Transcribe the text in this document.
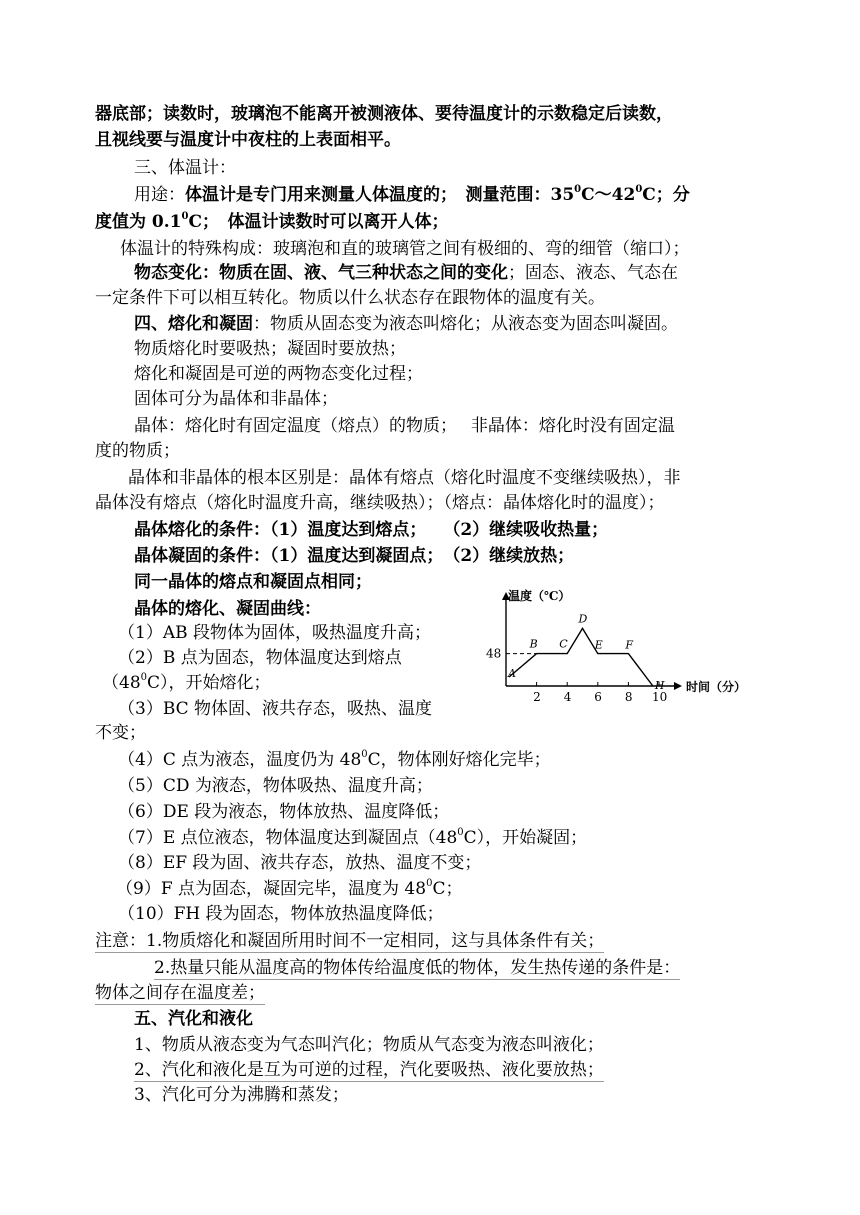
器底部；读数时，玻璃泡不能离开被测液体、要待温度计的示数稳定后读数，
且视线要与温度计中夜柱的上表面相平。
三、体温计：
用途：体温计是专门用来测量人体温度的；　测量范围：$35^0C\sim 42^0C$；分
度值为 $0.1^0C$；　体温计读数时可以离开人体；
体温计的特殊构成：玻璃泡和直的玻璃管之间有极细的、弯的细管（缩口）；
物态变化：物质在固、液、气三种状态之间的变化；固态、液态、气态在
一定条件下可以相互转化。物质以什么状态存在跟物体的温度有关。
四、熔化和凝固：物质从固态变为液态叫熔化；从液态变为固态叫凝固。
物质熔化时要吸热；凝固时要放热；
熔化和凝固是可逆的两物态变化过程；
固体可分为晶体和非晶体；
晶体：熔化时有固定温度（熔点）的物质；　 非晶体：熔化时没有固定温
度的物质；
晶体和非晶体的根本区别是：晶体有熔点（熔化时温度不变继续吸热），非
晶体没有熔点（熔化时温度升高，继续吸热）；（熔点：晶体熔化时的温度）；
晶体熔化的条件：（1）温度达到熔点；　　（2）继续吸收热量；
晶体凝固的条件：（1）温度达到凝固点；　（2）继续放热；
同一晶体的熔点和凝固点相同；
晶体的熔化、凝固曲线：
（1）AB 段物体为固体，吸热温度升高；
（2）B 点为固态，物体温度达到熔点
$(48^0C)$，开始熔化；
（3）BC 物体固、液共存态，吸热、温度
不变；
（4）C 点为液态，温度仍为 $48^0C$，物体刚好熔化完毕；
（5）CD 为液态，物体吸热、温度升高；
（6）DE 段为液态，物体放热、温度降低；
（7）E 点位液态，物体温度达到凝固点$(48^0C)$，开始凝固；
（8）EF 段为固、液共存态，放热、温度不变；
（9）F 点为固态，凝固完毕，温度为 $48^0C$；
（10）FH 段为固态，物体放热温度降低；
注意：1.物质熔化和凝固所用时间不一定相同，这与具体条件有关；
2.热量只能从温度高的物体传给温度低的物体，发生热传递的条件是：
物体之间存在温度差；
五、汽化和液化
1、物质从液态变为气态叫汽化；物质从气态变为液态叫液化；
2、汽化和液化是互为可逆的过程，汽化要吸热、液化要放热；
3、汽化可分为沸腾和蒸发；
温度（℃）
时间（分）
48
2 4 6 8 10
A
B C
D
E F
H
